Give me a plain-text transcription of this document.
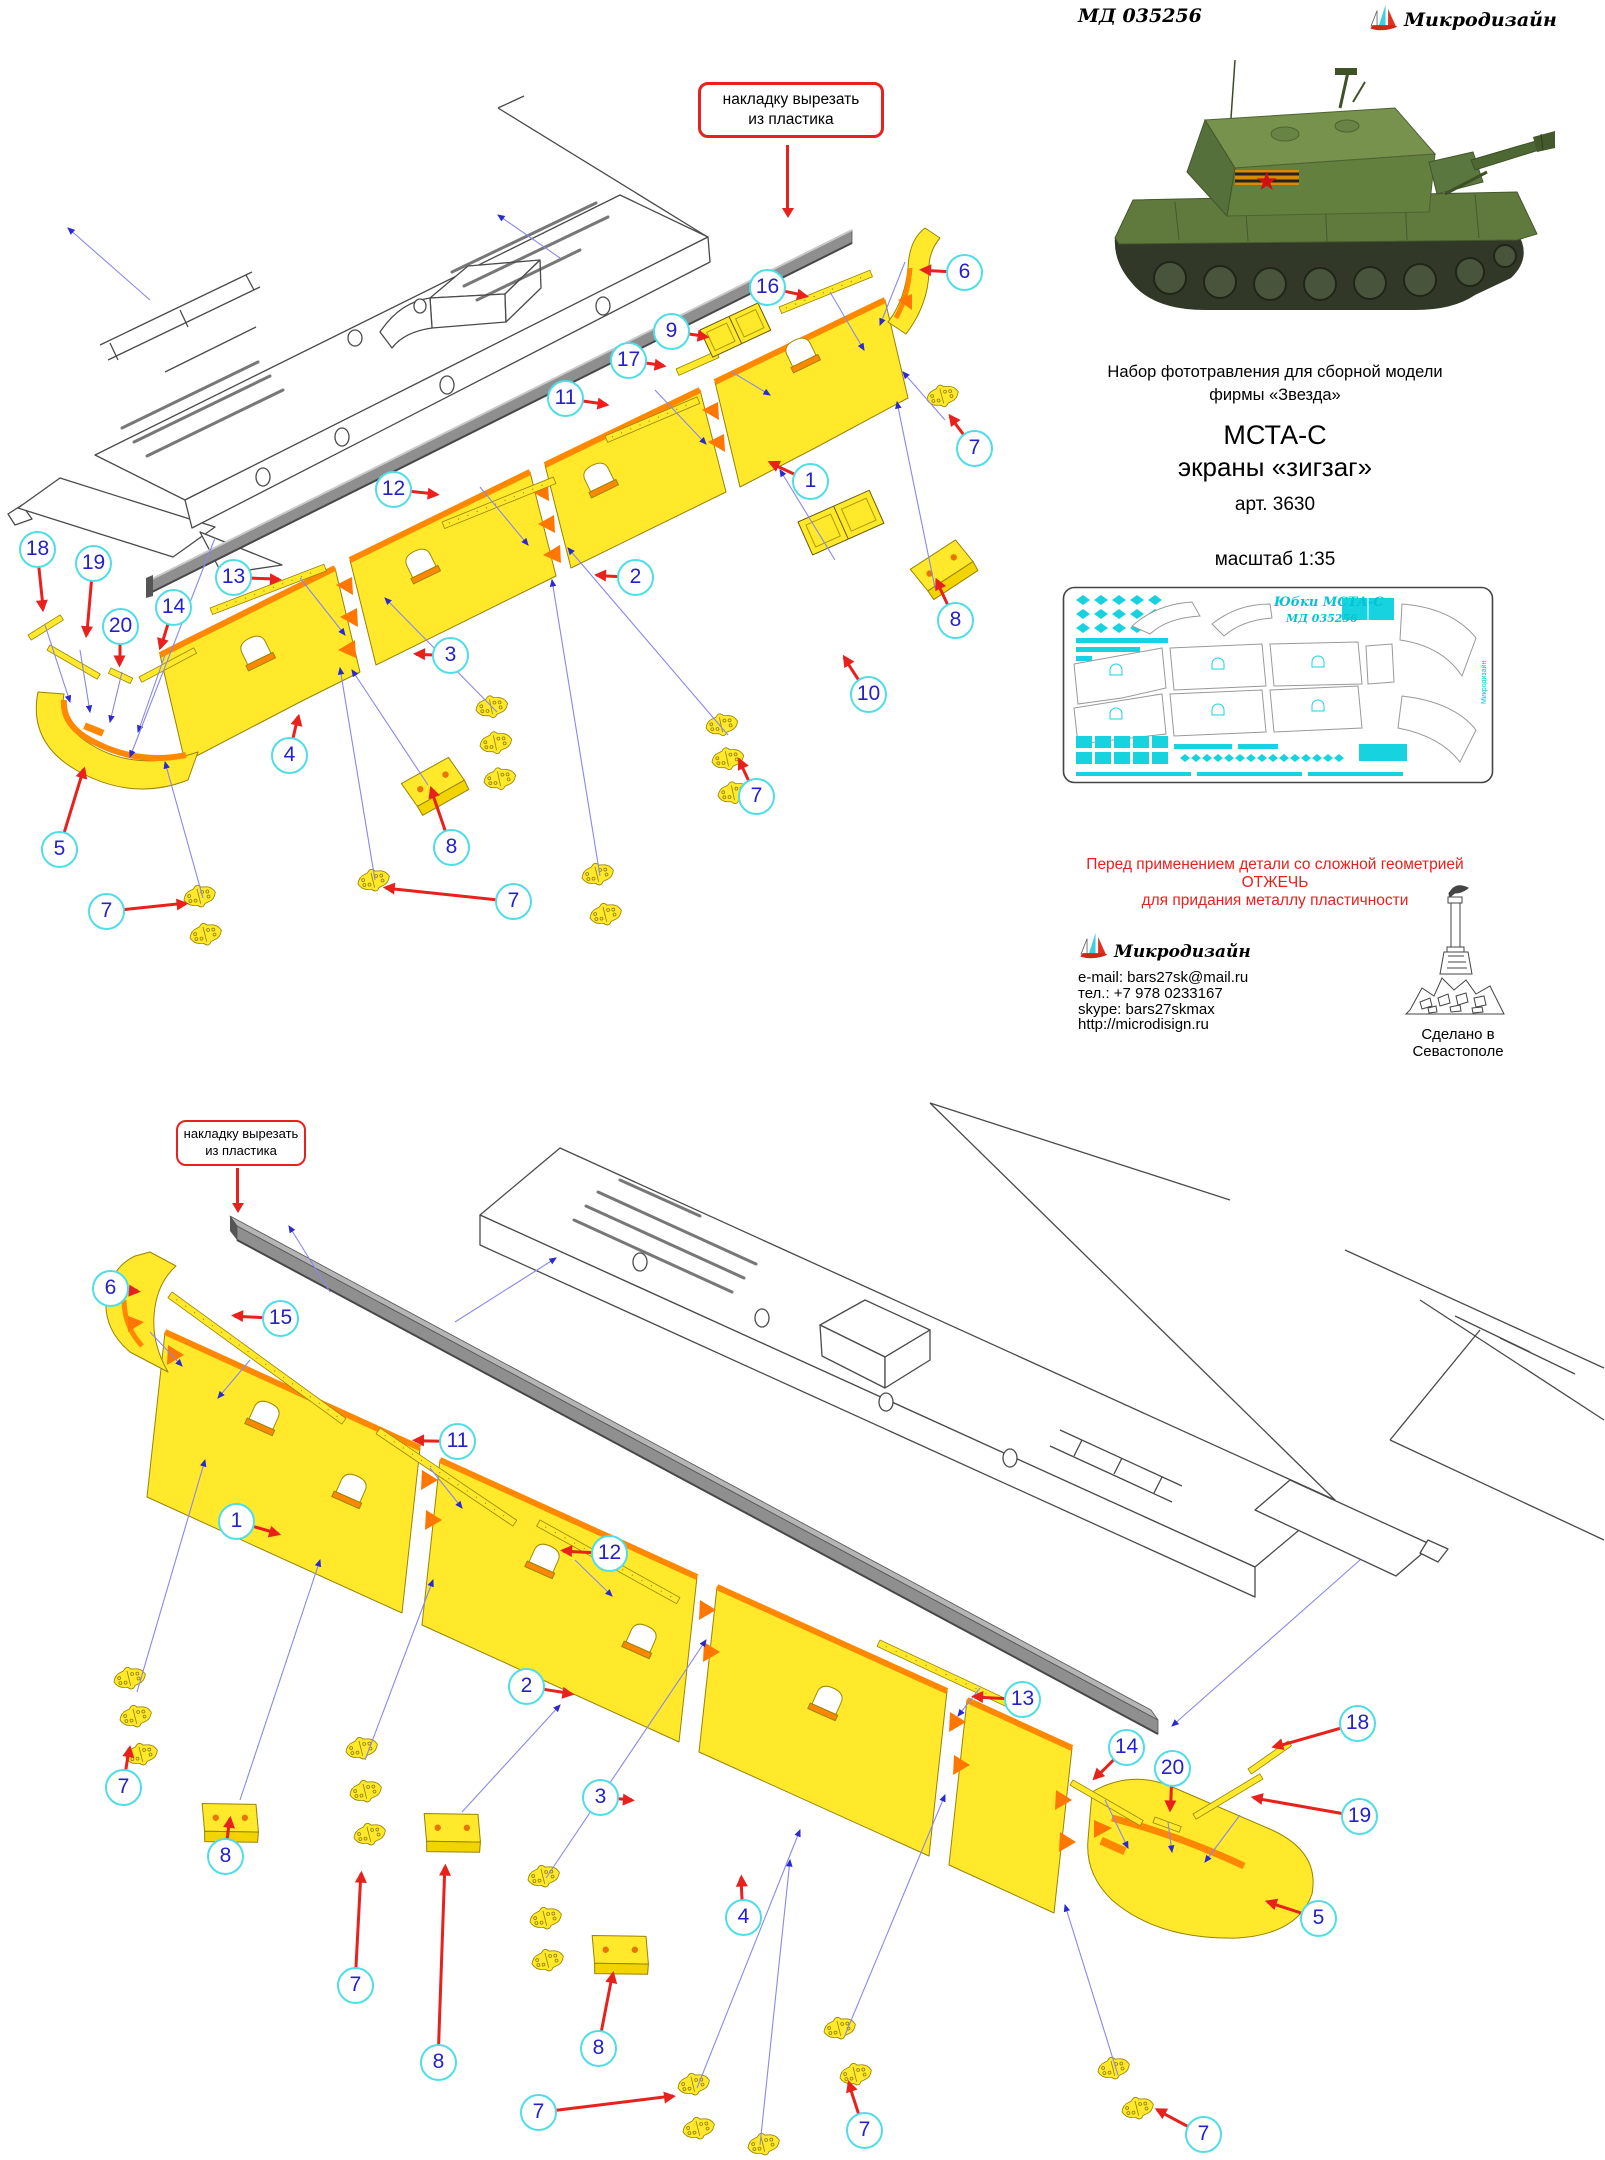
МД 035256	Микродизайн
★
Набор фототравления для сборной модели
фирмы «Звезда»
МСТА-С
экраны «зигзаг»
арт. 3630
масштаб 1:35
Юбки МСТА-С
МД 035256
Микродизайн
Перед применением детали со сложной геометрией
ОТЖЕЧЬ
для придания металлу пластичности
Микродизайн
e-mail: bars27sk@mail.ru
тел.: +7 978 0233167
skype: bars27skmax
http://microdisign.ru
Сделано в Севастополе
накладку вырезать
из пластика
накладку вырезать
из пластика
6
16
9
17
11
7
1
12
2
8
13
10
3
18
19
20
14
4
5
7
8
7
7
6
15
11
1
12
2
13
18
14
20
19
3
4	5
7
8
7
8
7
8
7	7
